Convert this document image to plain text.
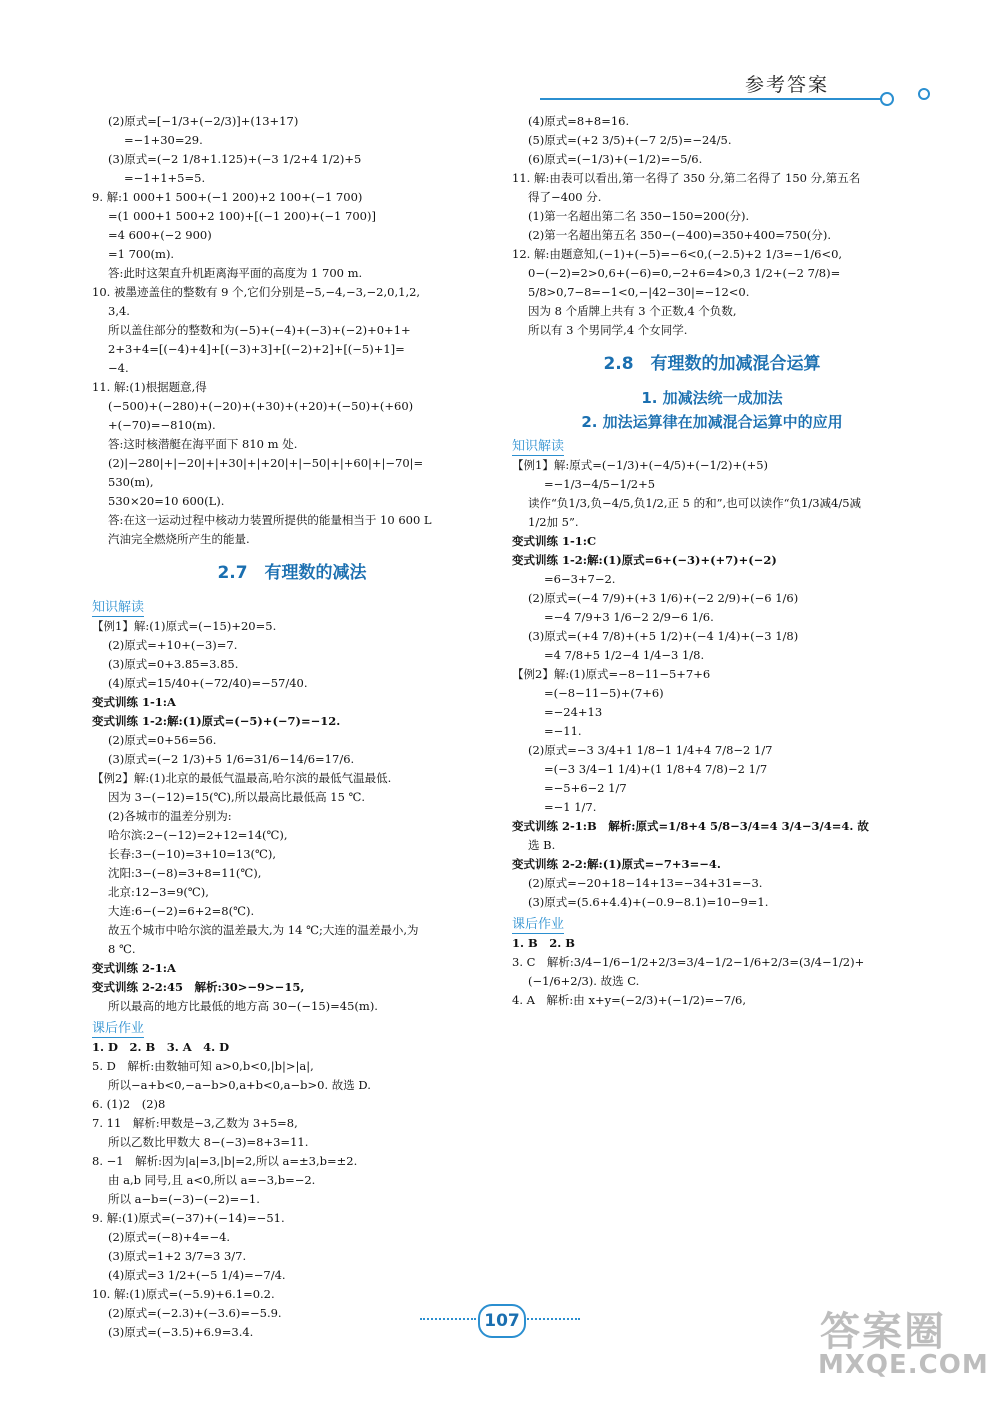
参考答案
(2)原式=[−1/3+(−2/3)]+(13+17)
=−1+30=29.
(3)原式=(−2 1/8+1.125)+(−3 1/2+4 1/2)+5
=−1+1+5=5.
9. 解:1 000+1 500+(−1 200)+2 100+(−1 700)
=(1 000+1 500+2 100)+[(−1 200)+(−1 700)]
=4 600+(−2 900)
=1 700(m).
答:此时这架直升机距离海平面的高度为 1 700 m.
10. 被墨迹盖住的整数有 9 个,它们分别是−5,−4,−3,−2,0,1,2,
3,4.
所以盖住部分的整数和为(−5)+(−4)+(−3)+(−2)+0+1+
2+3+4=[(−4)+4]+[(−3)+3]+[(−2)+2]+[(−5)+1]=
−4.
11. 解:(1)根据题意,得
(−500)+(−280)+(−20)+(+30)+(+20)+(−50)+(+60)
+(−70)=−810(m).
答:这时核潜艇在海平面下 810 m 处.
(2)|−280|+|−20|+|+30|+|+20|+|−50|+|+60|+|−70|=
530(m),
530×20=10 600(L).
答:在这一运动过程中核动力装置所提供的能量相当于 10 600 L
汽油完全燃烧所产生的能量.
2.7　有理数的减法
知识解读
【例1】解:(1)原式=(−15)+20=5.
(2)原式=+10+(−3)=7.
(3)原式=0+3.85=3.85.
(4)原式=15/40+(−72/40)=−57/40.
变式训练 1-1:A
变式训练 1-2:解:(1)原式=(−5)+(−7)=−12.
(2)原式=0+56=56.
(3)原式=(−2 1/3)+5 1/6=31/6−14/6=17/6.
【例2】解:(1)北京的最低气温最高,哈尔滨的最低气温最低.
因为 3−(−12)=15(℃),所以最高比最低高 15 ℃.
(2)各城市的温差分别为:
哈尔滨:2−(−12)=2+12=14(℃),
长春:3−(−10)=3+10=13(℃),
沈阳:3−(−8)=3+8=11(℃),
北京:12−3=9(℃),
大连:6−(−2)=6+2=8(℃).
故五个城市中哈尔滨的温差最大,为 14 ℃;大连的温差最小,为
8 ℃.
变式训练 2-1:A
变式训练 2-2:45　解析:30>−9>−15,
所以最高的地方比最低的地方高 30−(−15)=45(m).
课后作业
1. D　2. B　3. A　4. D
5. D　解析:由数轴可知 a>0,b<0,|b|>|a|,
所以−a+b<0,−a−b>0,a+b<0,a−b>0. 故选 D.
6. (1)2　(2)8
7. 11　解析:甲数是−3,乙数为 3+5=8,
所以乙数比甲数大 8−(−3)=8+3=11.
8. −1　解析:因为|a|=3,|b|=2,所以 a=±3,b=±2.
由 a,b 同号,且 a<0,所以 a=−3,b=−2.
所以 a−b=(−3)−(−2)=−1.
9. 解:(1)原式=(−37)+(−14)=−51.
(2)原式=(−8)+4=−4.
(3)原式=1+2 3/7=3 3/7.
(4)原式=3 1/2+(−5 1/4)=−7/4.
10. 解:(1)原式=(−5.9)+6.1=0.2.
(2)原式=(−2.3)+(−3.6)=−5.9.
(3)原式=(−3.5)+6.9=3.4.
(4)原式=8+8=16.
(5)原式=(+2 3/5)+(−7 2/5)=−24/5.
(6)原式=(−1/3)+(−1/2)=−5/6.
11. 解:由表可以看出,第一名得了 350 分,第二名得了 150 分,第五名
得了−400 分.
(1)第一名超出第二名 350−150=200(分).
(2)第一名超出第五名 350−(−400)=350+400=750(分).
12. 解:由题意知,(−1)+(−5)=−6<0,(−2.5)+2 1/3=−1/6<0,
0−(−2)=2>0,6+(−6)=0,−2+6=4>0,3 1/2+(−2 7/8)=
5/8>0,7−8=−1<0,−|42−30|=−12<0.
因为 8 个盾牌上共有 3 个正数,4 个负数,
所以有 3 个男同学,4 个女同学.
2.8　有理数的加减混合运算
1. 加减法统一成加法
2. 加法运算律在加减混合运算中的应用
知识解读
【例1】解:原式=(−1/3)+(−4/5)+(−1/2)+(+5)
=−1/3−4/5−1/2+5
读作“负1/3,负−4/5,负1/2,正 5 的和”,也可以读作“负1/3减4/5减
1/2加 5”.
变式训练 1-1:C
变式训练 1-2:解:(1)原式=6+(−3)+(+7)+(−2)
=6−3+7−2.
(2)原式=(−4 7/9)+(+3 1/6)+(−2 2/9)+(−6 1/6)
=−4 7/9+3 1/6−2 2/9−6 1/6.
(3)原式=(+4 7/8)+(+5 1/2)+(−4 1/4)+(−3 1/8)
=4 7/8+5 1/2−4 1/4−3 1/8.
【例2】解:(1)原式=−8−11−5+7+6
=(−8−11−5)+(7+6)
=−24+13
=−11.
(2)原式=−3 3/4+1 1/8−1 1/4+4 7/8−2 1/7
=(−3 3/4−1 1/4)+(1 1/8+4 7/8)−2 1/7
=−5+6−2 1/7
=−1 1/7.
变式训练 2-1:B　解析:原式=1/8+4 5/8−3/4=4 3/4−3/4=4. 故
选 B.
变式训练 2-2:解:(1)原式=−7+3=−4.
(2)原式=−20+18−14+13=−34+31=−3.
(3)原式=(5.6+4.4)+(−0.9−8.1)=10−9=1.
课后作业
1. B　2. B
3. C　解析:3/4−1/6−1/2+2/3=3/4−1/2−1/6+2/3=(3/4−1/2)+
(−1/6+2/3). 故选 C.
4. A　解析:由 x+y=(−2/3)+(−1/2)=−7/6,
107	答案圈
MXQE.COM
